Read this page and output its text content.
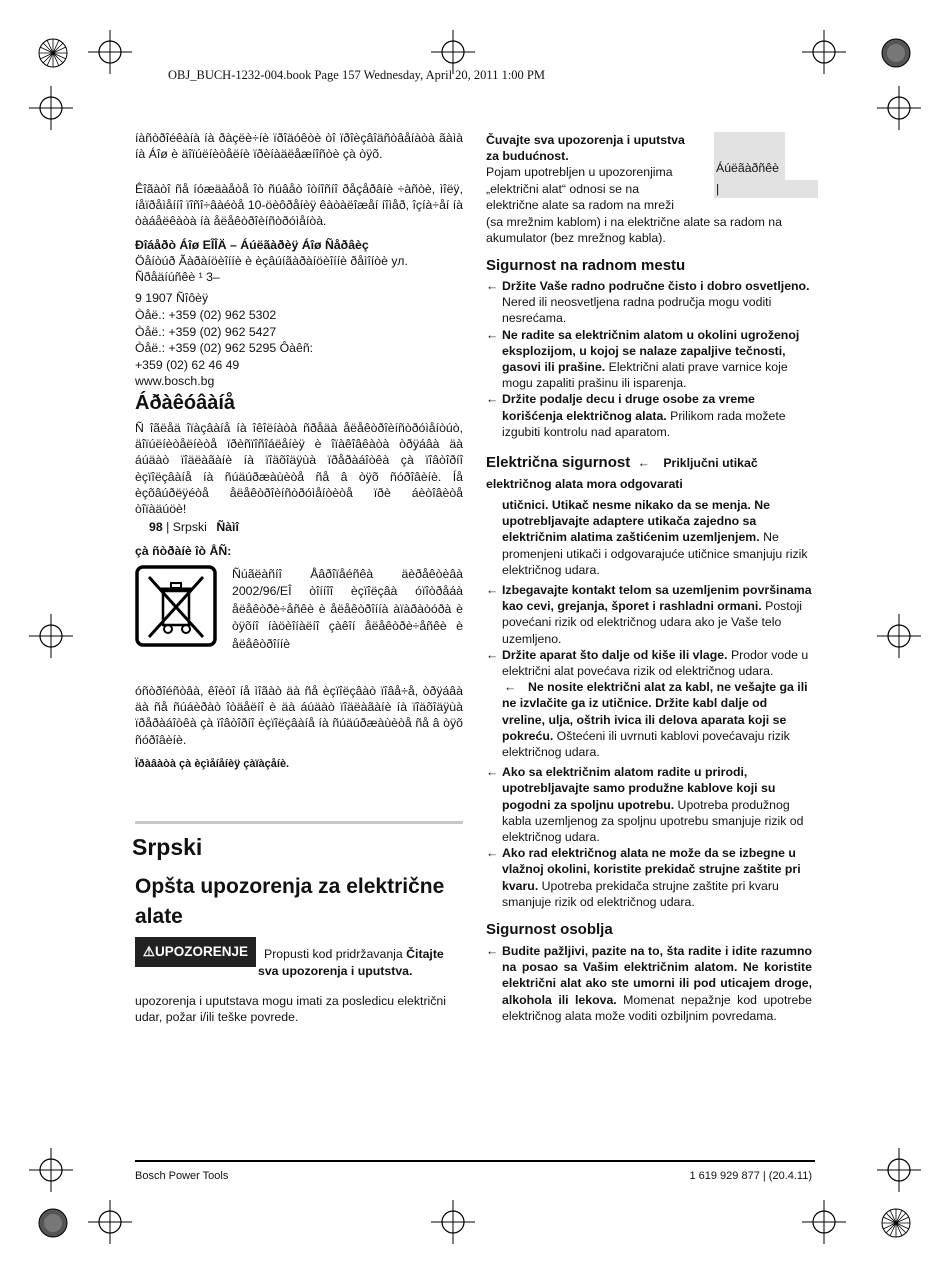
OBJ_BUCH-1232-004.book Page 157 Wednesday, April 20, 2011 1:00 PM
íàñòðîéêàíà íà ðàçëè÷íè ïðîäóêòè òî ïðîèçâîäñòâåíàòà ãàìà íà Áîø è äîïúëíèòåëíè ïðèíàäëåæíîñòè çà òÿõ.
Êîãàòî ñå íóæäàåòå îò ñúâåò îòíîñíî ðåçåðâíè ÷àñòè, ìîëÿ, íåïðåìåííî ïîñî÷âàéòå 10-öèôðåíèÿ êàòàëîæåí íîìåð, îçíà÷åí íà òàáåëêàòà íà åëåêòðîèíñòðóìåíòà.
Ðîáåðò Áîø ЕÎÎÄ – Áúëãàðèÿ Áîø Ñåðâèç
Öåíòúð Ãàðàíöèîííè è èçâúíãàðàíöèîííè ðåìîíòè ул. Ñðåäíúñêè ¹ 3–
9 1907 Ñîôèÿ
Òåë.: +359 (02) 962 5302
Òåë.: +359 (02) 962 5427
Òåë.: +359 (02) 962 5295 Ôàêñ:
+359 (02) 62 46 49
www.bosch.bg
Áðàêóâàíå
Ñ îãëåä îïàçâàíå íà îêîëíàòà ñðåäà åëåêòðîèíñòðóìåíòúò, äîïúëíèòåëíèòå ïðèñïîñîáëåíèÿ è îïàêîâêàòà òðÿáâà äà áúäàò ïîäëàãàíè íà ïîäõîäÿùà ïðåðàáîòêà çà ïîâòîðíî èçïîëçâàíå íà ñúäúðæàùèòå ñå â òÿõ ñóðîâèíè. Íå èçõâúðëÿéòå åëåêòðîèíñòðóìåíòèòå ïðè áèòîâèòå òîïàäúöè!
98 | Srpski Ñàìî
çà ñòðàíè îò ÅÑ:
Ñúãëàñíî Åâðîïåéñêà äèðåêòèâà 2002/96/EÎ òîííîî èçïîëçâà óïîòðåáà åëåêòðè÷åñêè è åëåêòðîííà àïàðàòóðà è òÿõíî íàöèîíàëíî çàêîí åëåêòðè÷åñêè è åëåêòðîííè
óñòðîéñòâà, êîèòî íå ìîãàò äà ñå èçïîëçâàò ïîâå÷å, òðÿáâà äà ñå ñúáèðàò îòäåëíî è äà áúäàò ïîäëàãàíè íà ïîäõîäÿùà ïðåðàáîòêà çà ïîâòîðíî èçïîëçâàíå íà ñúäúðæàùèòå ñå â òÿõ ñóðîâèíè.
Ïðàâàòà çà èçìåíåíèÿ çàïàçåíè.
Srpski
Opšta upozorenja za električne
alate
⚠UPOZORENJE	Propusti kod pridržavanja Čitajte
sva upozorenja i uputstva.
upozorenja i uputstava mogu imati za posledicu električni udar, požar i/ili teške povrede.
Áúëãàðñêè
|
Čuvajte sva upozorenja i uputstva
za budućnost.
Pojam upotrebljen u upozorenjima
„električni alat“ odnosi se na
električne alate sa radom na mreži
(sa mrežnim kablom) i na električne alate sa radom na akumulator (bez mrežnog kabla).
Sigurnost na radnom mestu
← Držite Vaše radno područne čisto i dobro osvetljeno. Nered ili neosvetljena radna područja mogu voditi nesrećama.
← Ne radite sa električnim alatom u okolini ugroženoj eksplozijom, u kojoj se nalaze zapaljive tečnosti, gasovi ili prašine. Električni alati prave varnice koje mogu zapaliti prašinu ili isparenja.
← Držite podalje decu i druge osobe za vreme korišćenja električnog alata. Prilikom rada možete izgubiti kontrolu nad aparatom.
Električna sigurnost ← Priključni utikač
električnog alata mora odgovarati
utičnici. Utikač nesme nikako da se menja. Ne upotrebljavajte adaptere utikača zajedno sa električnim alatima zaštićenim uzemljenjem. Ne promenjeni utikači i odgovarajuće utičnice smanjuju rizik električnog udara.
← Izbegavajte kontakt telom sa uzemljenim površinama kao cevi, grejanja, šporet i rashladni ormani. Postoji povećani rizik od električnog udara ako je Vaše telo uzemljeno.
← Držite aparat što dalje od kiše ili vlage. Prodor vode u električni alat povećava rizik od električnog udara.
← Ne nosite električni alat za kabl, ne vešajte ga ili ne izvlačite ga iz utičnice. Držite kabl dalje od vreline, ulja, oštrih ivica ili delova aparata koji se pokreću. Oštećeni ili uvrnuti kablovi povećavaju rizik električnog udara.
← Ako sa električnim alatom radite u prirodi, upotrebljavajte samo produžne kablove koji su pogodni za spoljnu upotrebu. Upotreba produžnog kabla uzemljenog za spoljnu upotrebu smanjuje rizik od električnog udara.
← Ako rad električnog alata ne može da se izbegne u vlažnoj okolini, koristite prekidač strujne zaštite pri kvaru. Upotreba prekidača strujne zaštite pri kvaru smanjuje rizik od električnog udara.
Sigurnost osoblja
← Budite pažljivi, pazite na to, šta radite i idite razumno na posao sa Vašim električnim alatom. Ne koristite električni alat ako ste umorni ili pod uticajem droge, alkohola ili lekova. Momenat nepažnje kod upotrebe električnog alata može voditi ozbiljnim povredama.
Bosch Power Tools	1 619 929 877 | (20.4.11)
